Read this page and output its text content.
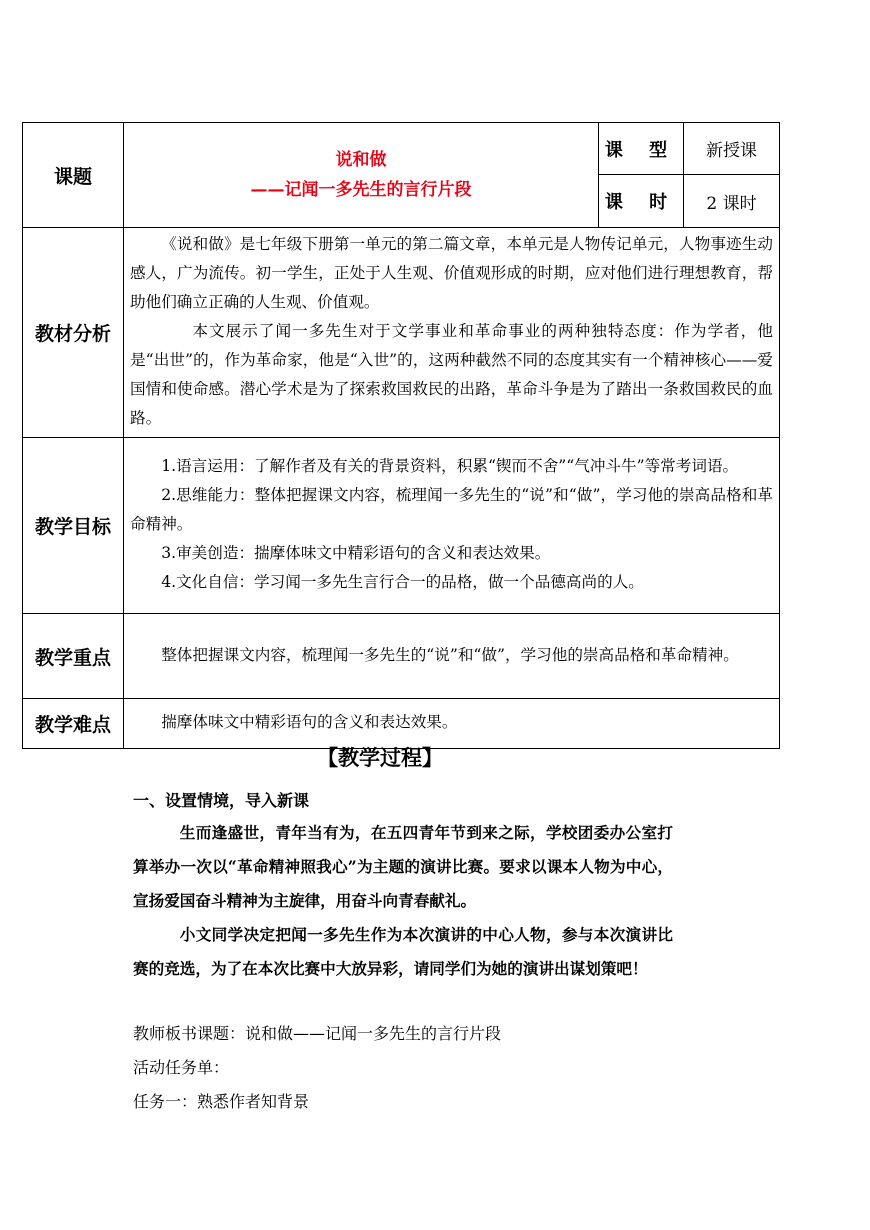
课题	说和做
——记闻一多先生的言行片段	课 型	新授课
		课 时	2 课时
教材分析	《说和做》是七年级下册第一单元的第二篇文章，本单元是人物传记单元，人物事迹生动感人，广为流传。初一学生，正处于人生观、价值观形成的时期，应对他们进行理想教育，帮助他们确立正确的人生观、价值观。

本文展示了闻一多先生对于文学事业和革命事业的两种独特态度：作为学者，他是“出世”的，作为革命家，他是“入世”的，这两种截然不同的态度其实有一个精神核心——爱国情和使命感。潜心学术是为了探索救国救民的出路，革命斗争是为了踏出一条救国救民的血路。		

教学目标	1.语言运用：了解作者及有关的背景资料，积累“锲而不舍”“气冲斗牛”等常考词语。

2.思维能力：整体把握课文内容，梳理闻一多先生的“说”和“做”，学习他的崇高品格和革命精神。

3.审美创造：揣摩体味文中精彩语句的含义和表达效果。

4.文化自信：学习闻一多先生言行合一的品格，做一个品德高尚的人。		

教学重点	整体把握课文内容，梳理闻一多先生的“说”和“做”，学习他的崇高品格和革命精神。		

教学难点	揣摩体味文中精彩语句的含义和表达效果。		

【教学过程】
一、设置情境，导入新课

生而逢盛世，青年当有为，在五四青年节到来之际，学校团委办公室打算举办一次以“革命精神照我心”为主题的演讲比赛。要求以课本人物为中心，宣扬爱国奋斗精神为主旋律，用奋斗向青春献礼。

小文同学决定把闻一多先生作为本次演讲的中心人物，参与本次演讲比赛的竞选，为了在本次比赛中大放异彩，请同学们为她的演讲出谋划策吧！

教师板书课题：说和做——记闻一多先生的言行片段
活动任务单：
任务一：熟悉作者知背景
